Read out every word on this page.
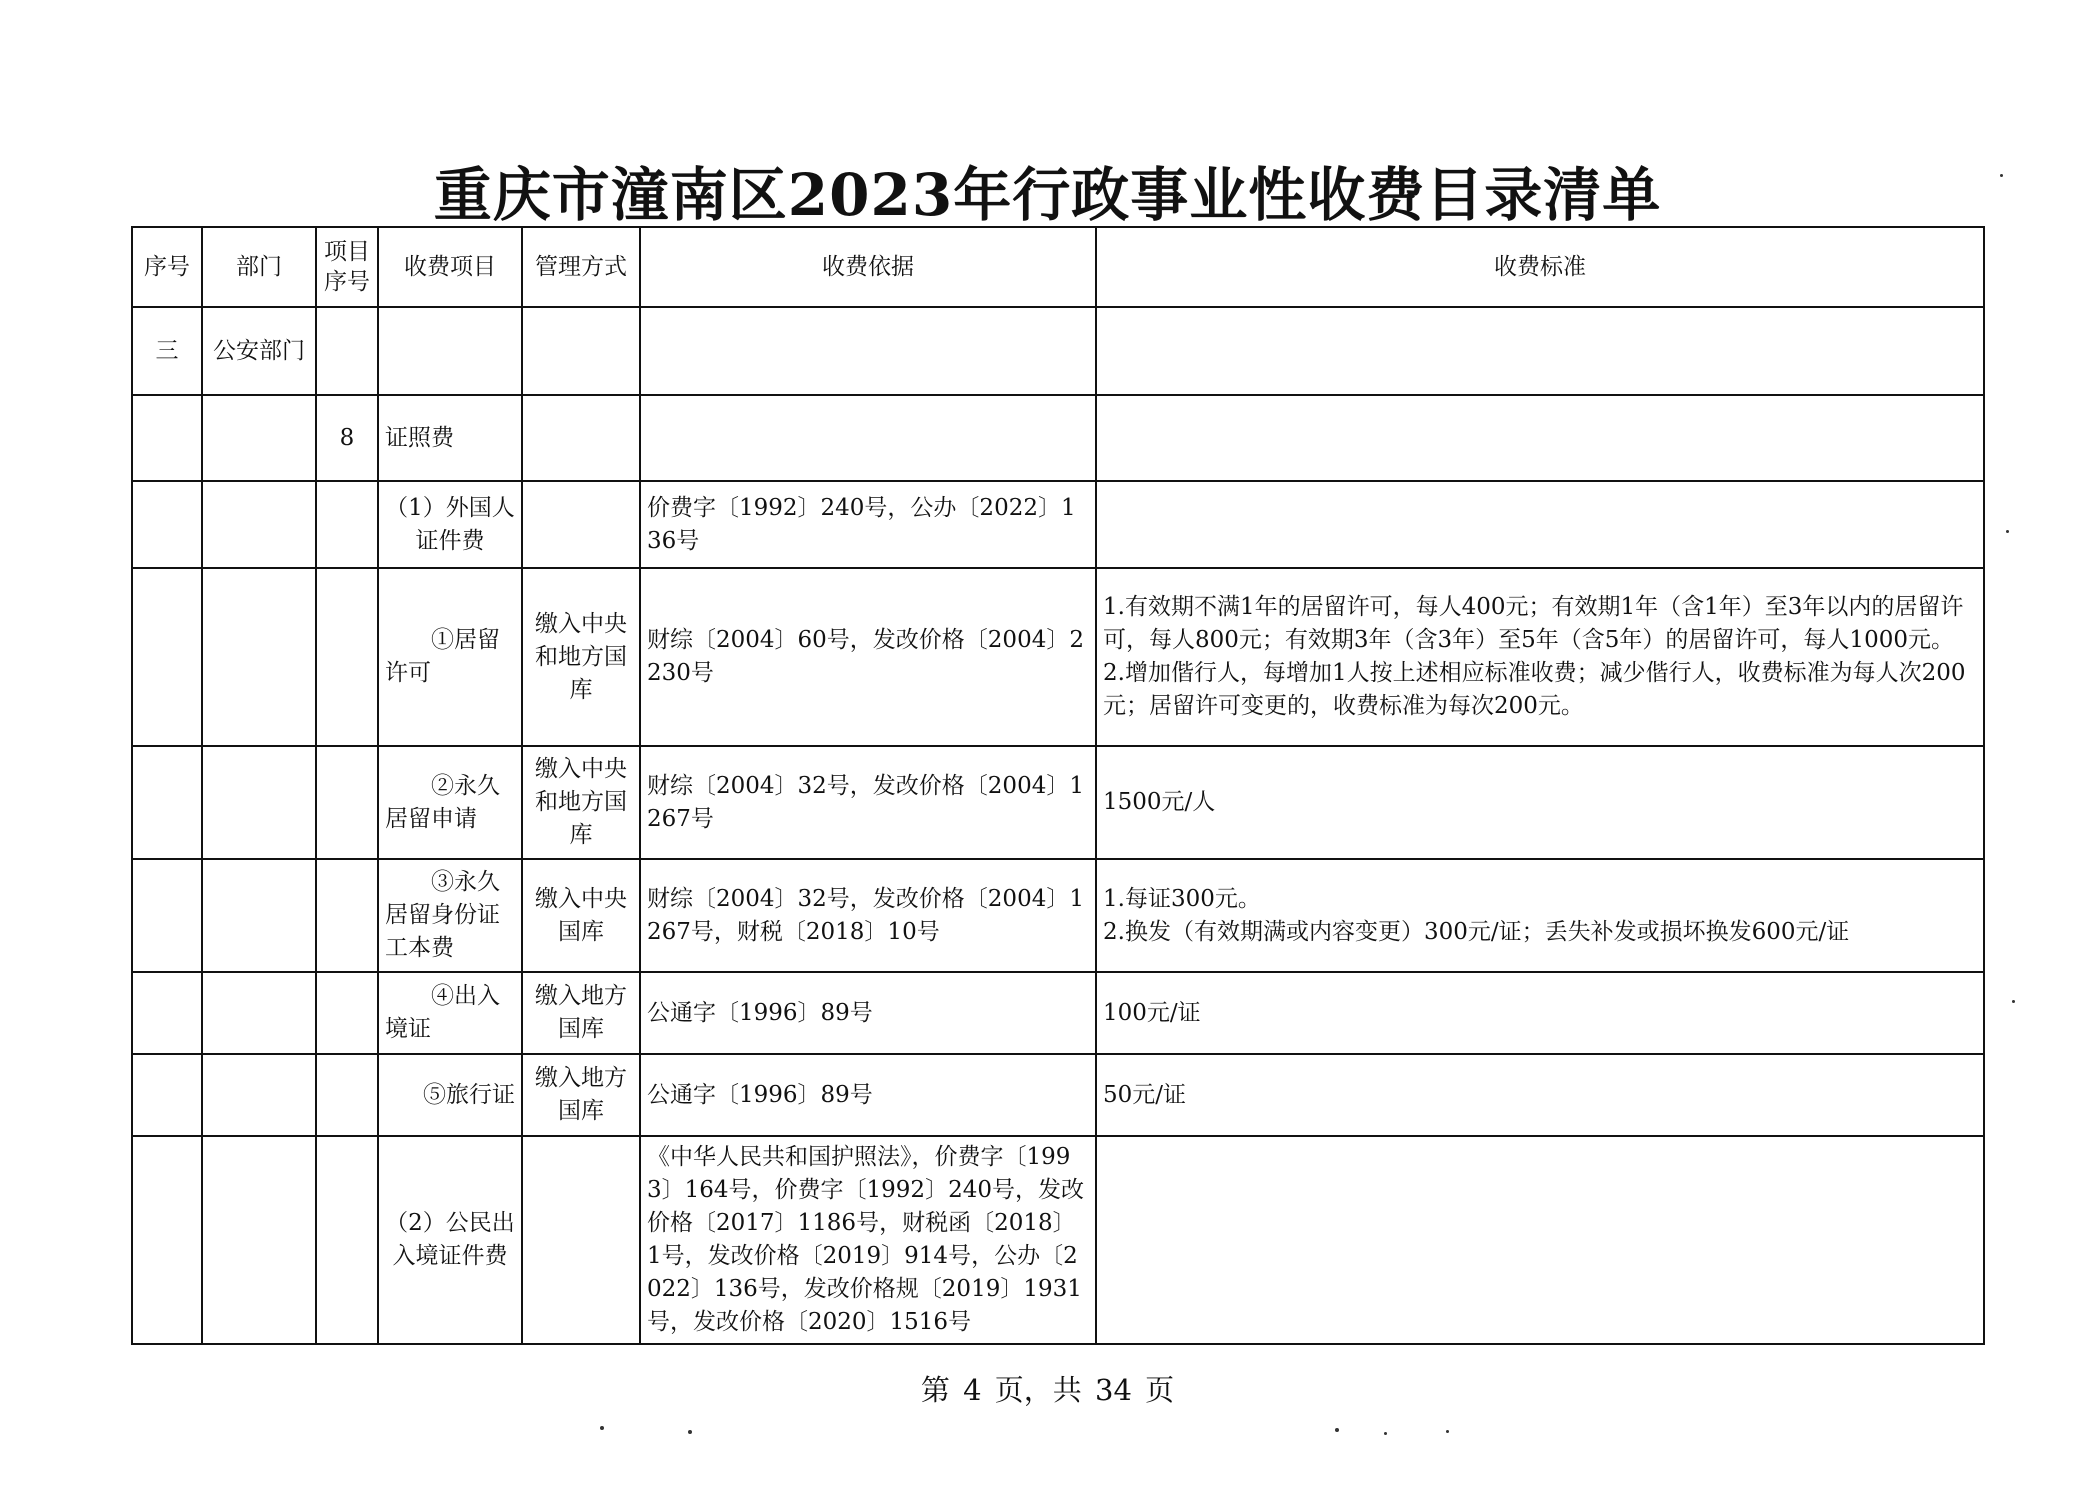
重庆市潼南区2023年行政事业性收费目录清单
序号	部门	项目序号	收费项目	管理方式	收费依据	收费标准
三	公安部门					
		8	证照费			
			（1）外国人证件费		价费字〔1992〕240号，公办〔2022〕136号	
			①居留许可	缴入中央和地方国库	财综〔2004〕60号，发改价格〔2004〕2230号	1.有效期不满1年的居留许可，每人400元；有效期1年（含1年）至3年以内的居留许可，每人800元；有效期3年（含3年）至5年（含5年）的居留许可，每人1000元。
2.增加偕行人，每增加1人按上述相应标准收费；减少偕行人，收费标准为每人次200元；居留许可变更的，收费标准为每次200元。
			②永久居留申请	缴入中央和地方国库	财综〔2004〕32号，发改价格〔2004〕1267号	1500元/人
			③永久居留身份证工本费	缴入中央国库	财综〔2004〕32号，发改价格〔2004〕1267号，财税〔2018〕10号	1.每证300元。
2.换发（有效期满或内容变更）300元/证；丢失补发或损坏换发600元/证
			④出入境证	缴入地方国库	公通字〔1996〕89号	100元/证
			⑤旅行证	缴入地方国库	公通字〔1996〕89号	50元/证
			（2）公民出入境证件费		《中华人民共和国护照法》，价费字〔1993〕164号，价费字〔1992〕240号，发改价格〔2017〕1186号，财税函〔2018〕1号，发改价格〔2019〕914号，公办〔2022〕136号，发改价格规〔2019〕1931号，发改价格〔2020〕1516号	
第 4 页，共 34 页
